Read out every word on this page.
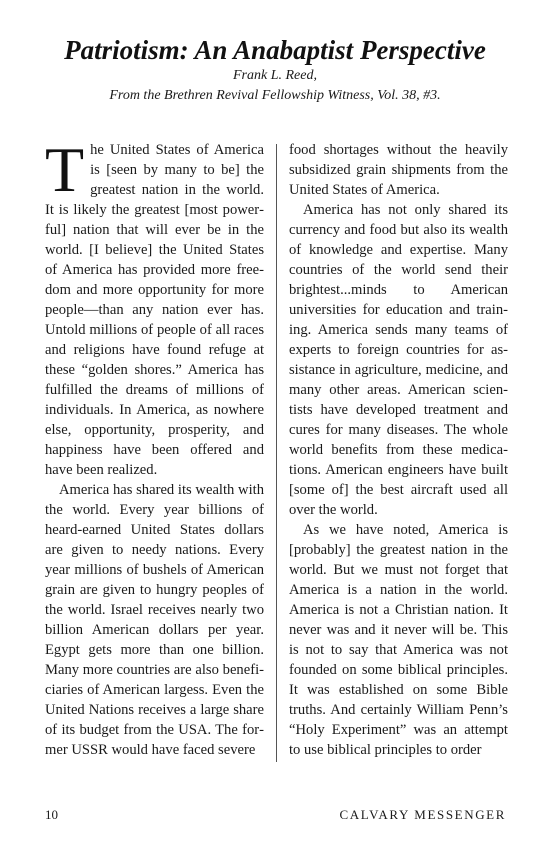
Patriotism: An Anabaptist Perspective

Frank L. Reed,

From the Brethren Revival Fellowship Witness, Vol. 38, #3.

The United States of America is [seen by many to be] the greatest nation in the world. It is likely the greatest [most powerful] nation that will ever be in the world. [I believe] the United States of America has provided more freedom and more opportunity for more people—than any nation ever has. Untold millions of people of all races and religions have found refuge at these “golden shores.” America has fulfilled the dreams of millions of individuals. In America, as nowhere else, opportunity, prosperity, and happiness have been offered and have been realized.

America has shared its wealth with the world. Every year billions of heard-earned United States dollars are given to needy nations. Every year millions of bushels of American grain are given to hungry peoples of the world. Israel receives nearly two billion American dollars per year. Egypt gets more than one billion. Many more countries are also beneficiaries of American largess. Even the United Nations receives a large share of its budget from the USA. The former USSR would have faced severe

food shortages without the heavily subsidized grain shipments from the United States of America.

America has not only shared its currency and food but also its wealth of knowledge and expertise. Many countries of the world send their brightest...minds to American universities for education and training. America sends many teams of experts to foreign countries for assistance in agriculture, medicine, and many other areas. American scientists have developed treatment and cures for many diseases. The whole world benefits from these medications. American engineers have built [some of] the best aircraft used all over the world.

As we have noted, America is [probably] the greatest nation in the world. But we must not forget that America is a nation in the world. America is not a Christian nation. It never was and it never will be. This is not to say that America was not founded on some biblical principles. It was established on some Bible truths. And certainly William Penn’s “Holy Experiment” was an attempt to use biblical principles to order

10	CALVARY MESSENGER
